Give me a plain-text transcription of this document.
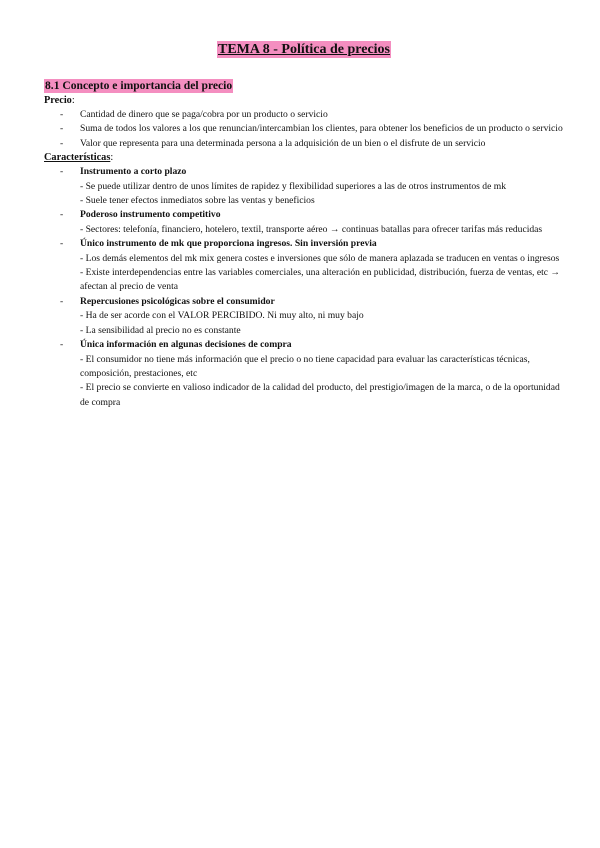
TEMA 8 - Política de precios
8.1 Concepto e importancia del precio
Precio:
- Cantidad de dinero que se paga/cobra por un producto o servicio
- Suma de todos los valores a los que renuncian/intercambian los clientes, para obtener los beneficios de un producto o servicio
- Valor que representa para una determinada persona a la adquisición de un bien o el disfrute de un servicio
Características:
- Instrumento a corto plazo
- Se puede utilizar dentro de unos límites de rapidez y flexibilidad superiores a las de otros instrumentos de mk
- Suele tener efectos inmediatos sobre las ventas y beneficios
- Poderoso instrumento competitivo
- Sectores: telefonía, financiero, hotelero, textil, transporte aéreo → continuas batallas para ofrecer tarifas más reducidas
- Único instrumento de mk que proporciona ingresos. Sin inversión previa
- Los demás elementos del mk mix genera costes e inversiones que sólo de manera aplazada se traducen en ventas o ingresos
- Existe interdependencias entre las variables comerciales, una alteración en publicidad, distribución, fuerza de ventas, etc → afectan al precio de venta
- Repercusiones psicológicas sobre el consumidor
- Ha de ser acorde con el VALOR PERCIBIDO. Ni muy alto, ni muy bajo
- La sensibilidad al precio no es constante
- Única información en algunas decisiones de compra
- El consumidor no tiene más información que el precio o no tiene capacidad para evaluar las características técnicas, composición, prestaciones, etc
- El precio se convierte en valioso indicador de la calidad del producto, del prestigio/imagen de la marca, o de la oportunidad de compra
